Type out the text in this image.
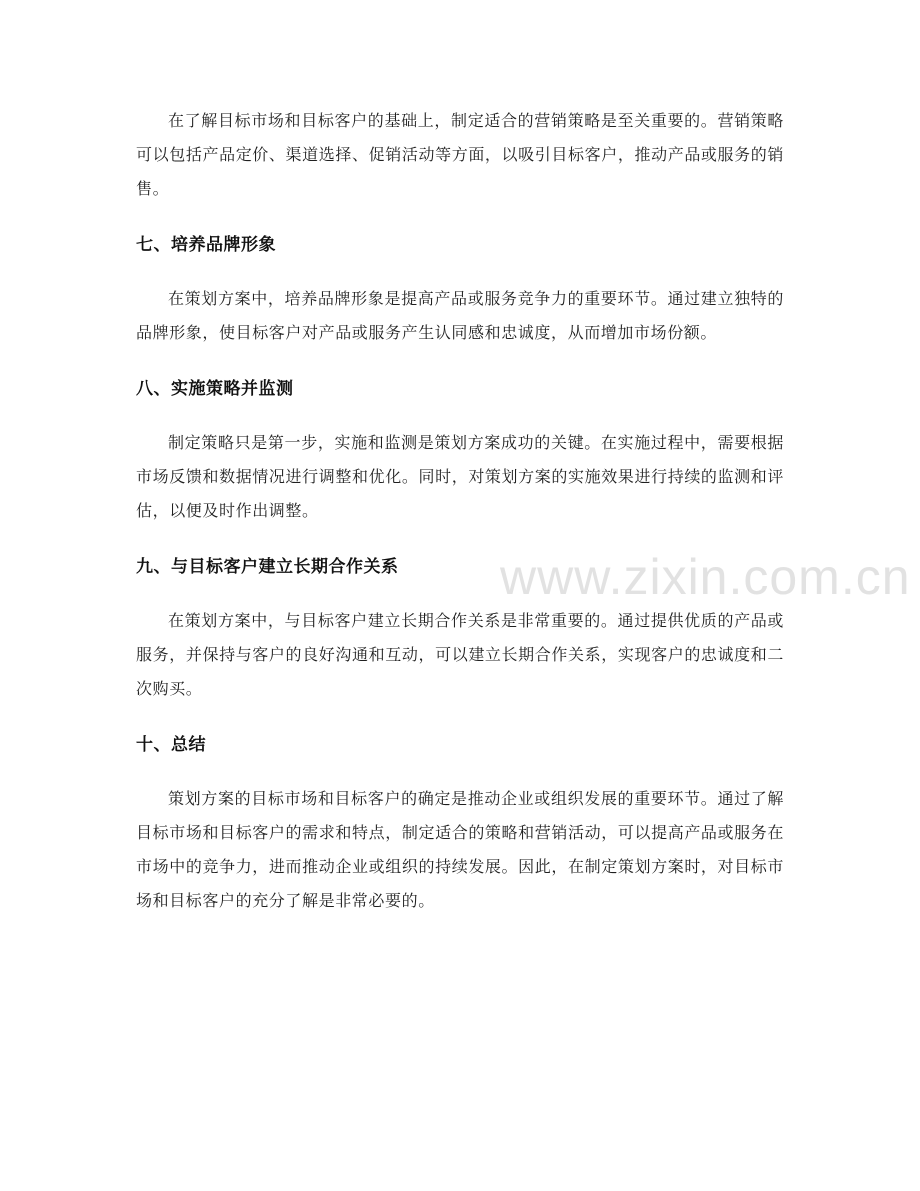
在了解目标市场和目标客户的基础上，制定适合的营销策略是至关重要的。营销策略可以包括产品定价、渠道选择、促销活动等方面，以吸引目标客户，推动产品或服务的销售。

七、培养品牌形象

在策划方案中，培养品牌形象是提高产品或服务竞争力的重要环节。通过建立独特的品牌形象，使目标客户对产品或服务产生认同感和忠诚度，从而增加市场份额。

八、实施策略并监测

制定策略只是第一步，实施和监测是策划方案成功的关键。在实施过程中，需要根据市场反馈和数据情况进行调整和优化。同时，对策划方案的实施效果进行持续的监测和评估，以便及时作出调整。

九、与目标客户建立长期合作关系

在策划方案中，与目标客户建立长期合作关系是非常重要的。通过提供优质的产品或服务，并保持与客户的良好沟通和互动，可以建立长期合作关系，实现客户的忠诚度和二次购买。

十、总结

策划方案的目标市场和目标客户的确定是推动企业或组织发展的重要环节。通过了解目标市场和目标客户的需求和特点，制定适合的策略和营销活动，可以提高产品或服务在市场中的竞争力，进而推动企业或组织的持续发展。因此，在制定策划方案时，对目标市场和目标客户的充分了解是非常必要的。

www.zixin.com.cn
